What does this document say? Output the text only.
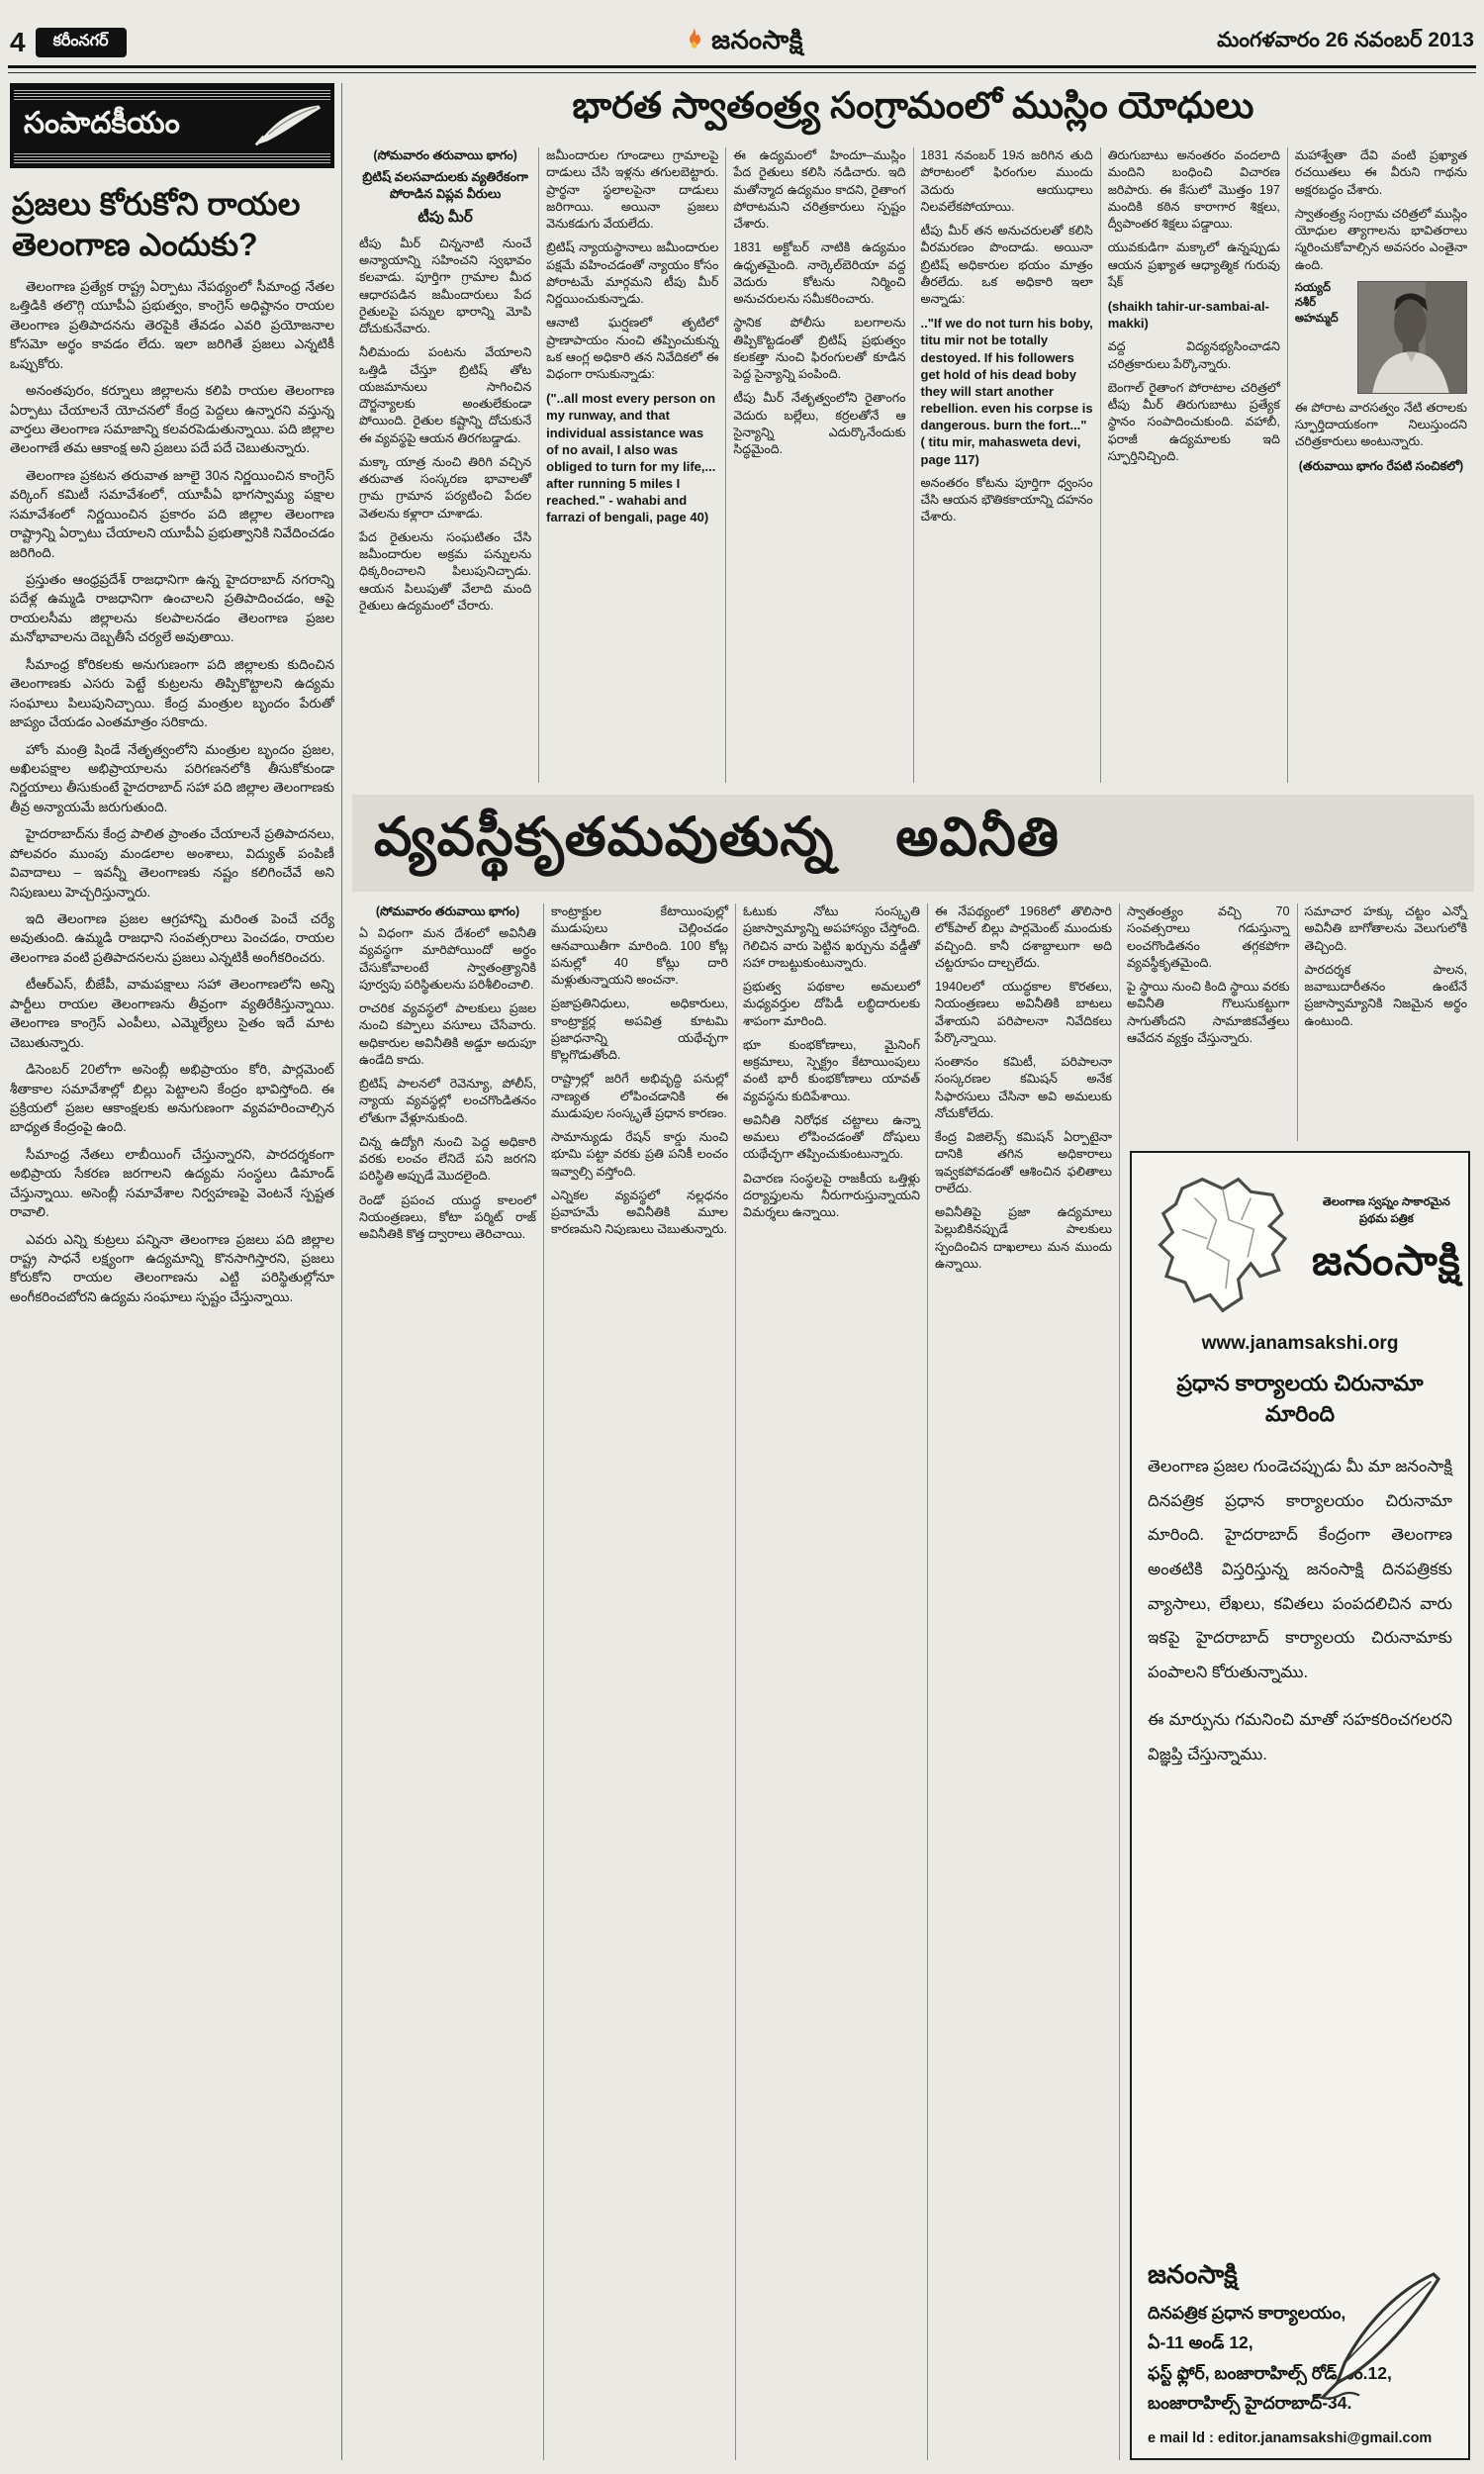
4	కరీంనగర్	జనంసాక్షి	మంగళవారం 26 నవంబర్ 2013
సంపాదకీయం
ప్రజలు కోరుకోని రాయల తెలంగాణ ఎందుకు?

తెలంగాణ ప్రత్యేక రాష్ట్ర ఏర్పాటు నేపథ్యంలో సీమాంధ్ర నేతల ఒత్తిడికి తలొగ్గి యూపీఏ ప్రభుత్వం, కాంగ్రెస్ అధిష్టానం రాయల తెలంగాణ ప్రతిపాదనను తెరపైకి తేవడం ఎవరి ప్రయోజనాల కోసమో అర్థం కావడం లేదు. ఇలా జరిగితే ప్రజలు ఎన్నటికీ ఒప్పుకోరు.

అనంతపురం, కర్నూలు జిల్లాలను కలిపి రాయల తెలంగాణ ఏర్పాటు చేయాలనే యోచనలో కేంద్ర పెద్దలు ఉన్నారని వస్తున్న వార్తలు తెలంగాణ సమాజాన్ని కలవరపెడుతున్నాయి. పది జిల్లాల తెలంగాణే తమ ఆకాంక్ష అని ప్రజలు పదే పదే చెబుతున్నారు.

తెలంగాణ ప్రకటన తరువాత జూలై 30న నిర్ణయించిన కాంగ్రెస్ వర్కింగ్ కమిటీ సమావేశంలో, యూపీఏ భాగస్వామ్య పక్షాల సమావేశంలో నిర్ణయించిన ప్రకారం పది జిల్లాల తెలంగాణ రాష్ట్రాన్ని ఏర్పాటు చేయాలని యూపీఏ ప్రభుత్వానికి నివేదించడం జరిగింది.

ప్రస్తుతం ఆంధ్రప్రదేశ్ రాజధానిగా ఉన్న హైదరాబాద్ నగరాన్ని పదేళ్ల ఉమ్మడి రాజధానిగా ఉంచాలని ప్రతిపాదించడం, ఆపై రాయలసీమ జిల్లాలను కలపాలనడం తెలంగాణ ప్రజల మనోభావాలను దెబ్బతీసే చర్యలే అవుతాయి.

సీమాంధ్ర కోరికలకు అనుగుణంగా పది జిల్లాలకు కుదించిన తెలంగాణకు ఎసరు పెట్టే కుట్రలను తిప్పికొట్టాలని ఉద్యమ సంఘాలు పిలుపునిచ్చాయి. కేంద్ర మంత్రుల బృందం పేరుతో జాప్యం చేయడం ఎంతమాత్రం సరికాదు.

హోం మంత్రి షిండే నేతృత్వంలోని మంత్రుల బృందం ప్రజల, అఖిలపక్షాల అభిప్రాయాలను పరిగణనలోకి తీసుకోకుండా నిర్ణయాలు తీసుకుంటే హైదరాబాద్ సహా పది జిల్లాల తెలంగాణకు తీవ్ర అన్యాయమే జరుగుతుంది.

హైదరాబాద్‌ను కేంద్ర పాలిత ప్రాంతం చేయాలనే ప్రతిపాదనలు, పోలవరం ముంపు మండలాల అంశాలు, విద్యుత్ పంపిణీ వివాదాలు – ఇవన్నీ తెలంగాణకు నష్టం కలిగించేవే అని నిపుణులు హెచ్చరిస్తున్నారు.

ఇది తెలంగాణ ప్రజల ఆగ్రహాన్ని మరింత పెంచే చర్యే అవుతుంది. ఉమ్మడి రాజధాని సంవత్సరాలు పెంచడం, రాయల తెలంగాణ వంటి ప్రతిపాదనలను ప్రజలు ఎన్నటికీ అంగీకరించరు.

టీఆర్ఎస్, బీజేపీ, వామపక్షాలు సహా తెలంగాణలోని అన్ని పార్టీలు రాయల తెలంగాణను తీవ్రంగా వ్యతిరేకిస్తున్నాయి. తెలంగాణ కాంగ్రెస్ ఎంపీలు, ఎమ్మెల్యేలు సైతం ఇదే మాట చెబుతున్నారు.

డిసెంబర్ 20లోగా అసెంబ్లీ అభిప్రాయం కోరి, పార్లమెంట్ శీతాకాల సమావేశాల్లో బిల్లు పెట్టాలని కేంద్రం భావిస్తోంది. ఈ ప్రక్రియలో ప్రజల ఆకాంక్షలకు అనుగుణంగా వ్యవహరించాల్సిన బాధ్యత కేంద్రంపై ఉంది.

సీమాంధ్ర నేతలు లాబీయింగ్ చేస్తున్నారని, పారదర్శకంగా అభిప్రాయ సేకరణ జరగాలని ఉద్యమ సంస్థలు డిమాండ్ చేస్తున్నాయి. అసెంబ్లీ సమావేశాల నిర్వహణపై వెంటనే స్పష్టత రావాలి.

ఎవరు ఎన్ని కుట్రలు పన్నినా తెలంగాణ ప్రజలు పది జిల్లాల రాష్ట్ర సాధనే లక్ష్యంగా ఉద్యమాన్ని కొనసాగిస్తారని, ప్రజలు కోరుకోని రాయల తెలంగాణను ఎట్టి పరిస్థితుల్లోనూ అంగీకరించబోరని ఉద్యమ సంఘాలు స్పష్టం చేస్తున్నాయి.

భారత స్వాతంత్ర్య సంగ్రామంలో ముస్లిం యోధులు
(సోమవారం తరువాయి భాగం)
బ్రిటిష్ వలసవాదులకు వ్యతిరేకంగా పోరాడిన విప్లవ వీరులు
టీపు మీర్

టీపు మీర్ చిన్ననాటి నుంచే అన్యాయాన్ని సహించని స్వభావం కలవాడు. పూర్తిగా గ్రామాల మీద ఆధారపడిన జమీందారులు పేద రైతులపై పన్నుల భారాన్ని మోపి దోచుకునేవారు.

నీలిమందు పంటను వేయాలని ఒత్తిడి చేస్తూ బ్రిటిష్ తోట యజమానులు సాగించిన దౌర్జన్యాలకు అంతులేకుండా పోయింది. రైతుల కష్టాన్ని దోచుకునే ఈ వ్యవస్థపై ఆయన తిరగబడ్డాడు.

మక్కా యాత్ర నుంచి తిరిగి వచ్చిన తరువాత సంస్కరణ భావాలతో గ్రామ గ్రామాన పర్యటించి పేదల వెతలను కళ్లారా చూశాడు.

పేద రైతులను సంఘటితం చేసి జమీందారుల అక్రమ పన్నులను ధిక్కరించాలని పిలుపునిచ్చాడు. ఆయన పిలుపుతో వేలాది మంది రైతులు ఉద్యమంలో చేరారు.

జమీందారుల గూండాలు గ్రామాలపై దాడులు చేసి ఇళ్లను తగులబెట్టారు. ప్రార్థనా స్థలాలపైనా దాడులు జరిగాయి. అయినా ప్రజలు వెనుకడుగు వేయలేదు.

బ్రిటిష్ న్యాయస్థానాలు జమీందారుల పక్షమే వహించడంతో న్యాయం కోసం పోరాటమే మార్గమని టీపు మీర్ నిర్ణయించుకున్నాడు.

ఆనాటి ఘర్షణలో తృటిలో ప్రాణాపాయం నుంచి తప్పించుకున్న ఒక ఆంగ్ల అధికారి తన నివేదికలో ఈ విధంగా రాసుకున్నాడు:

("..all most every person on my runway, and that individual assistance was of no avail, I also was obliged to turn for my life,... after running 5 miles I reached." - wahabi and farrazi of bengali, page 40)

ఈ ఉద్యమంలో హిందూ–ముస్లిం పేద రైతులు కలిసి నడిచారు. ఇది మతోన్మాద ఉద్యమం కాదని, రైతాంగ పోరాటమని చరిత్రకారులు స్పష్టం చేశారు.

1831 అక్టోబర్ నాటికి ఉద్యమం ఉధృతమైంది. నార్కెల్‌బెరియా వద్ద వెదురు కోటను నిర్మించి అనుచరులను సమీకరించారు.

స్థానిక పోలీసు బలగాలను తిప్పికొట్టడంతో బ్రిటిష్ ప్రభుత్వం కలకత్తా నుంచి ఫిరంగులతో కూడిన పెద్ద సైన్యాన్ని పంపింది.

టీపు మీర్ నేతృత్వంలోని రైతాంగం వెదురు బల్లేలు, కర్రలతోనే ఆ సైన్యాన్ని ఎదుర్కొనేందుకు సిద్ధమైంది.

1831 నవంబర్ 19న జరిగిన తుది పోరాటంలో ఫిరంగుల ముందు వెదురు ఆయుధాలు నిలవలేకపోయాయి.

టీపు మీర్ తన అనుచరులతో కలిసి వీరమరణం పొందాడు. అయినా బ్రిటిష్ అధికారుల భయం మాత్రం తీరలేదు. ఒక అధికారి ఇలా అన్నాడు:

.."If we do not turn his boby, titu mir not be totally destoyed. If his followers get hold of his dead boby they will start another rebellion. even his corpse is dangerous. burn the fort..." ( titu mir, mahasweta devi, page 117)

అనంతరం కోటను పూర్తిగా ధ్వంసం చేసి ఆయన భౌతికకాయాన్ని దహనం చేశారు.

తిరుగుబాటు అనంతరం వందలాది మందిని బంధించి విచారణ జరిపారు. ఈ కేసులో మొత్తం 197 మందికి కఠిన కారాగార శిక్షలు, ద్వీపాంతర శిక్షలు పడ్డాయి.

యువకుడిగా మక్కాలో ఉన్నప్పుడు ఆయన ప్రఖ్యాత ఆధ్యాత్మిక గురువు షేక్

(shaikh tahir-ur-sambai-al-makki)

వద్ద విద్యనభ్యసించాడని చరిత్రకారులు పేర్కొన్నారు.

బెంగాల్ రైతాంగ పోరాటాల చరిత్రలో టీపు మీర్ తిరుగుబాటు ప్రత్యేక స్థానం సంపాదించుకుంది. వహాబీ, ఫరాజీ ఉద్యమాలకు ఇది స్ఫూర్తినిచ్చింది.

మహాశ్వేతా దేవి వంటి ప్రఖ్యాత రచయితలు ఈ వీరుని గాథను అక్షరబద్ధం చేశారు.

స్వాతంత్ర్య సంగ్రామ చరిత్రలో ముస్లిం యోధుల త్యాగాలను భావితరాలు స్మరించుకోవాల్సిన అవసరం ఎంతైనా ఉంది.

సయ్యద్ నశీర్ అహమ్మద్

ఈ పోరాట వారసత్వం నేటి తరాలకు స్ఫూర్తిదాయకంగా నిలుస్తుందని చరిత్రకారులు అంటున్నారు.

(తరువాయి భాగం రేపటి సంచికలో)
వ్యవస్థీకృతమవుతున్న అవినీతి
(సోమవారం తరువాయి భాగం)

ఏ విధంగా మన దేశంలో అవినీతి వ్యవస్థగా మారిపోయిందో అర్థం చేసుకోవాలంటే స్వాతంత్ర్యానికి పూర్వపు పరిస్థితులను పరిశీలించాలి.

రాచరిక వ్యవస్థలో పాలకులు ప్రజల నుంచి కప్పాలు వసూలు చేసేవారు. అధికారుల అవినీతికి అడ్డూ అదుపూ ఉండేది కాదు.

బ్రిటిష్ పాలనలో రెవెన్యూ, పోలీస్, న్యాయ వ్యవస్థల్లో లంచగొండితనం లోతుగా వేళ్లూనుకుంది.

చిన్న ఉద్యోగి నుంచి పెద్ద అధికారి వరకు లంచం లేనిదే పని జరగని పరిస్థితి అప్పుడే మొదలైంది.

రెండో ప్రపంచ యుద్ధ కాలంలో నియంత్రణలు, కోటా పర్మిట్ రాజ్ అవినీతికి కొత్త ద్వారాలు తెరిచాయి.

కాంట్రాక్టుల కేటాయింపుల్లో ముడుపులు చెల్లించడం ఆనవాయితీగా మారింది. 100 కోట్ల పనుల్లో 40 కోట్లు దారి మళ్లుతున్నాయని అంచనా.

ప్రజాప్రతినిధులు, అధికారులు, కాంట్రాక్టర్ల అపవిత్ర కూటమి ప్రజాధనాన్ని యథేచ్ఛగా కొల్లగొడుతోంది.

రాష్ట్రాల్లో జరిగే అభివృద్ధి పనుల్లో నాణ్యత లోపించడానికి ఈ ముడుపుల సంస్కృతే ప్రధాన కారణం.

సామాన్యుడు రేషన్ కార్డు నుంచి భూమి పట్టా వరకు ప్రతి పనికీ లంచం ఇవ్వాల్సి వస్తోంది.

ఎన్నికల వ్యవస్థలో నల్లధనం ప్రవాహమే అవినీతికి మూల కారణమని నిపుణులు చెబుతున్నారు.

ఓటుకు నోటు సంస్కృతి ప్రజాస్వామ్యాన్ని అపహాస్యం చేస్తోంది. గెలిచిన వారు పెట్టిన ఖర్చును వడ్డీతో సహా రాబట్టుకుంటున్నారు.

ప్రభుత్వ పథకాల అమలులో మధ్యవర్తుల దోపిడీ లబ్ధిదారులకు శాపంగా మారింది.

భూ కుంభకోణాలు, మైనింగ్ అక్రమాలు, స్పెక్ట్రం కేటాయింపులు వంటి భారీ కుంభకోణాలు యావత్ వ్యవస్థను కుదిపేశాయి.

అవినీతి నిరోధక చట్టాలు ఉన్నా అమలు లోపించడంతో దోషులు యథేచ్ఛగా తప్పించుకుంటున్నారు.

విచారణ సంస్థలపై రాజకీయ ఒత్తిళ్లు దర్యాప్తులను నీరుగారుస్తున్నాయని విమర్శలు ఉన్నాయి.

ఈ నేపథ్యంలో 1968లో తొలిసారి లోక్‌పాల్ బిల్లు పార్లమెంట్ ముందుకు వచ్చింది. కానీ దశాబ్దాలుగా అది చట్టరూపం దాల్చలేదు.

1940లలో యుద్ధకాల కొరతలు, నియంత్రణలు అవినీతికి బాటలు వేశాయని పరిపాలనా నివేదికలు పేర్కొన్నాయి.

సంతానం కమిటీ, పరిపాలనా సంస్కరణల కమిషన్ అనేక సిఫారసులు చేసినా అవి అమలుకు నోచుకోలేదు.

కేంద్ర విజిలెన్స్ కమిషన్ ఏర్పాటైనా దానికి తగిన అధికారాలు ఇవ్వకపోవడంతో ఆశించిన ఫలితాలు రాలేదు.

అవినీతిపై ప్రజా ఉద్యమాలు పెల్లుబికినప్పుడే పాలకులు స్పందించిన దాఖలాలు మన ముందు ఉన్నాయి.

స్వాతంత్ర్యం వచ్చి 70 సంవత్సరాలు గడుస్తున్నా లంచగొండితనం తగ్గకపోగా వ్యవస్థీకృతమైంది.

పై స్థాయి నుంచి కింది స్థాయి వరకు అవినీతి గొలుసుకట్టుగా సాగుతోందని సామాజికవేత్తలు ఆవేదన వ్యక్తం చేస్తున్నారు.

సమాచార హక్కు చట్టం ఎన్నో అవినీతి బాగోతాలను వెలుగులోకి తెచ్చింది.

పారదర్శక పాలన, జవాబుదారీతనం ఉంటేనే ప్రజాస్వామ్యానికి నిజమైన అర్థం ఉంటుంది.

తెలంగాణ స్వప్నం సాకారమైన ప్రథమ పత్రిక
జనంసాక్షి
www.janamsakshi.org
ప్రధాన కార్యాలయ చిరునామా మారింది
తెలంగాణ ప్రజల గుండెచప్పుడు మీ మా జనంసాక్షి దినపత్రిక ప్రధాన కార్యాలయం చిరునామా మారింది. హైదరాబాద్ కేంద్రంగా తెలంగాణ అంతటికి విస్తరిస్తున్న జనంసాక్షి దినపత్రికకు వ్యాసాలు, లేఖలు, కవితలు పంపదలిచిన వారు ఇకపై హైదరాబాద్ కార్యాలయ చిరునామాకు పంపాలని కోరుతున్నాము.
ఈ మార్పును గమనించి మాతో సహకరించగలరని విజ్ఞప్తి చేస్తున్నాము.
జనంసాక్షి

దినపత్రిక ప్రధాన కార్యాలయం,

ఏ-11 అండ్ 12,

ఫస్ట్ ఫ్లోర్, బంజారాహిల్స్ రోడ్ నం.12,

బంజారాహిల్స్ హైదరాబాద్-34.

e mail ld : editor.janamsakshi@gmail.com
